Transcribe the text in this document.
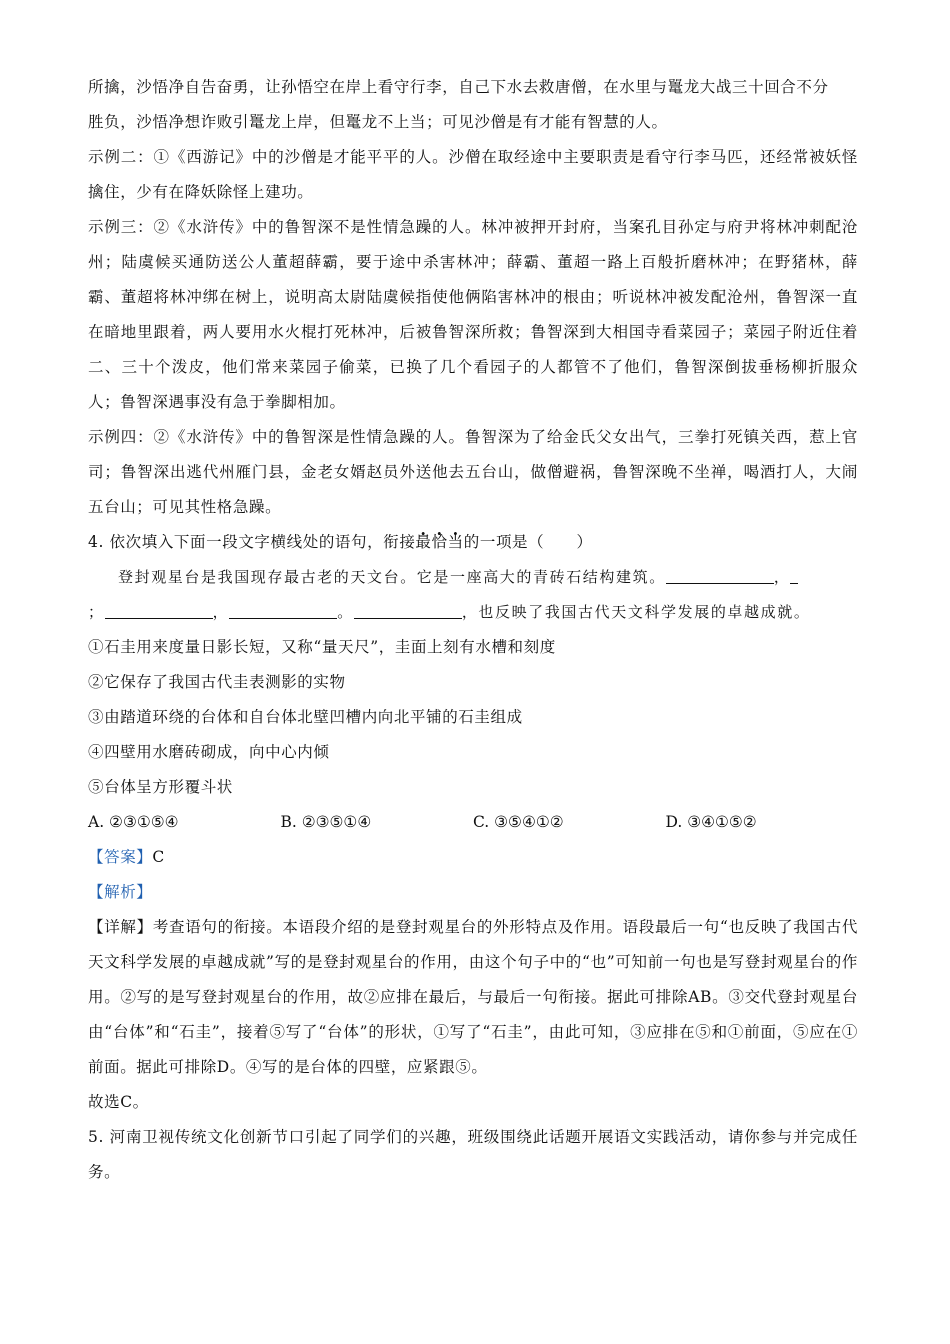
所擒，沙悟净自告奋勇，让孙悟空在岸上看守行李，自己下水去救唐僧，在水里与鼍龙大战三十回合不分

胜负，沙悟净想诈败引鼍龙上岸，但鼍龙不上当；可见沙僧是有才能有智慧的人。

示例二：①《西游记》中的沙僧是才能平平的人。沙僧在取经途中主要职责是看守行李马匹，还经常被妖怪擒住，少有在降妖除怪上建功。

示例三：②《水浒传》中的鲁智深不是性情急躁的人。林冲被押开封府，当案孔目孙定与府尹将林冲刺配沧州；陆虞候买通防送公人董超薛霸，要于途中杀害林冲；薛霸、董超一路上百般折磨林冲；在野猪林，薛霸、董超将林冲绑在树上，说明高太尉陆虞候指使他俩陷害林冲的根由；听说林冲被发配沧州，鲁智深一直在暗地里跟着，两人要用水火棍打死林冲，后被鲁智深所救；鲁智深到大相国寺看菜园子；菜园子附近住着二、三十个泼皮，他们常来菜园子偷菜，已换了几个看园子的人都管不了他们，鲁智深倒拔垂杨柳折服众人；鲁智深遇事没有急于拳脚相加。

示例四：②《水浒传》中的鲁智深是性情急躁的人。鲁智深为了给金氏父女出气，三拳打死镇关西，惹上官司；鲁智深出逃代州雁门县，金老女婿赵员外送他去五台山，做僧避祸，鲁智深晚不坐禅，喝酒打人，大闹五台山；可见其性格急躁。

4. 依次填入下面一段文字横线处的语句，衔接最恰当的一项是（　　）

登封观星台是我国现存最古老的天文台。它是一座高大的青砖石结构建筑。	，
；	，	。	，也反映了我国古代天文科学发展的卓越成就。

①石圭用来度量日影长短，又称“量天尺”，圭面上刻有水槽和刻度

②它保存了我国古代圭表测影的实物

③由踏道环绕的台体和自台体北壁凹槽内向北平铺的石圭组成

④四壁用水磨砖砌成，向中心内倾

⑤台体呈方形覆斗状

A. ②③①⑤④	B. ②③⑤①④	C. ③⑤④①②	D. ③④①⑤②

【答案】C

【解析】

【详解】考查语句的衔接。本语段介绍的是登封观星台的外形特点及作用。语段最后一句“也反映了我国古代天文科学发展的卓越成就”写的是登封观星台的作用，由这个句子中的“也”可知前一句也是写登封观星台的作用。②写的是写登封观星台的作用，故②应排在最后，与最后一句衔接。据此可排除AB。③交代登封观星台由“台体”和“石圭”，接着⑤写了“台体”的形状，①写了“石圭”，由此可知，③应排在⑤和①前面，⑤应在①前面。据此可排除D。④写的是台体的四壁，应紧跟⑤。

故选C。

5. 河南卫视传统文化创新节口引起了同学们的兴趣，班级围绕此话题开展语文实践活动，请你参与并完成任务。
